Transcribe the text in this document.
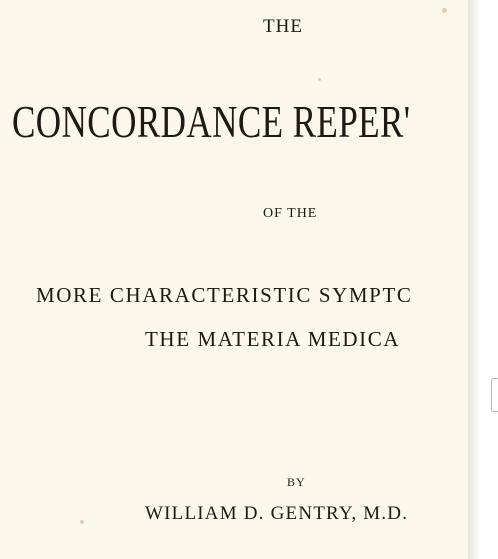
THE

CONCORDANCE REPER'

OF THE

MORE CHARACTERISTIC SYMPTC

THE MATERIA MEDICA

BY

WILLIAM D. GENTRY, M.D.
